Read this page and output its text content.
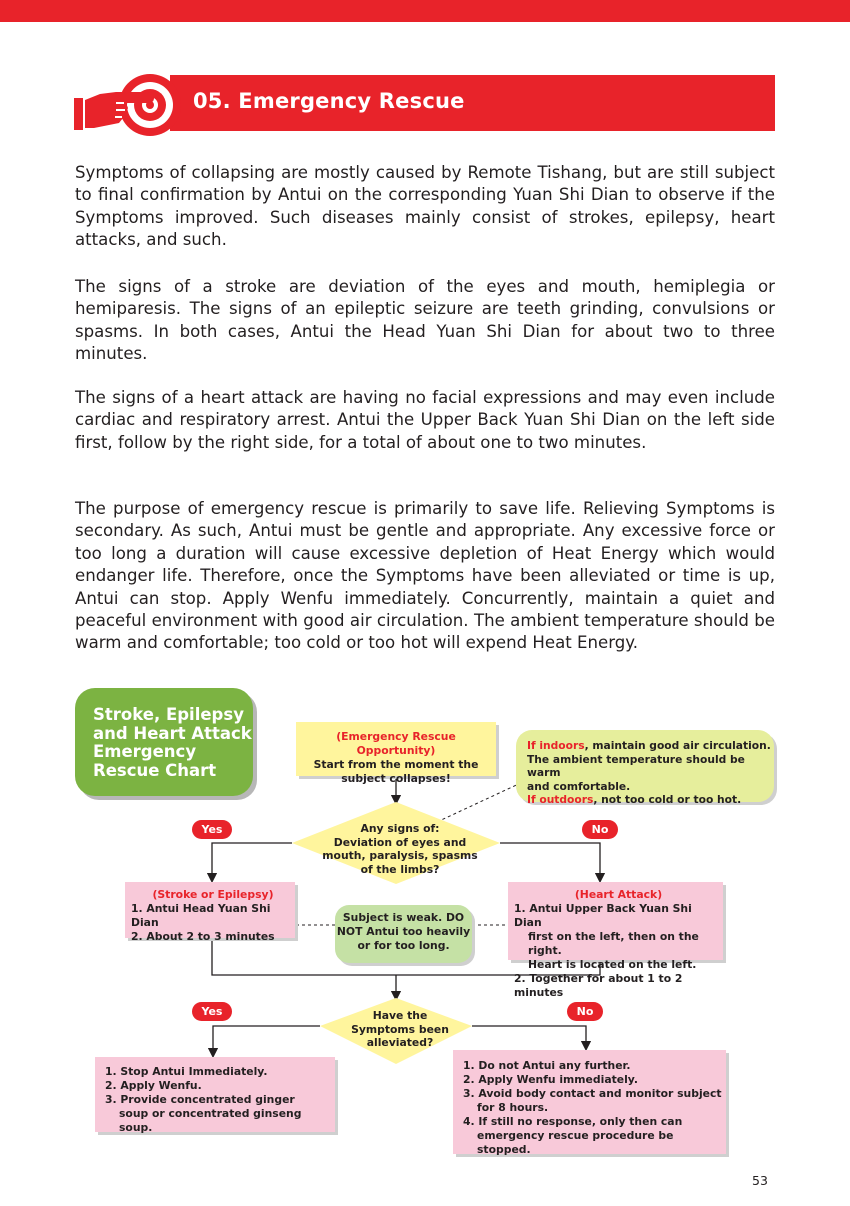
05. Emergency Rescue
Symptoms of collapsing are mostly caused by Remote Tishang, but are still subject to final confirmation by Antui on the corresponding Yuan Shi Dian to observe if the Symptoms improved. Such diseases mainly consist of strokes, epilepsy, heart attacks, and such.
The signs of a stroke are deviation of the eyes and mouth, hemiplegia or hemiparesis. The signs of an epileptic seizure are teeth grinding, convulsions or spasms. In both cases, Antui the Head Yuan Shi Dian for about two to three minutes.
The signs of a heart attack are having no facial expressions and may even include cardiac and respiratory arrest. Antui the Upper Back Yuan Shi Dian on the left side first, follow by the right side, for a total of about one to two minutes.
The purpose of emergency rescue is primarily to save life. Relieving Symptoms is secondary. As such, Antui must be gentle and appropriate. Any excessive force or too long a duration will cause excessive depletion of Heat Energy which would endanger life. Therefore, once the Symptoms have been alleviated or time is up, Antui can stop. Apply Wenfu immediately. Concurrently, maintain a quiet and peaceful environment with good air circulation. The ambient temperature should be warm and comfortable; too cold or too hot will expend Heat Energy.
Stroke, Epilepsy and Heart Attack Emergency Rescue Chart
(Emergency Rescue Opportunity)
Start from the moment the
subject collapses!
If indoors, maintain good air circulation.
The ambient temperature should be warm
and comfortable.
If outdoors, not too cold or too hot.
Yes	No
Yes	No
Any signs of:
Deviation of eyes and
mouth, paralysis, spasms
of the limbs?
(Stroke or Epilepsy)
1. Antui Head Yuan Shi Dian
2. About 2 to 3 minutes
(Heart Attack)
1. Antui Upper Back Yuan Shi Dian

first on the left, then on the right.
Heart is located on the left.
2. Together for about 1 to 2 minutes
Subject is weak. DO
NOT Antui too heavily
or for too long.
Have the
Symptoms been
alleviated?
1. Stop Antui Immediately.
2. Apply Wenfu.
3. Provide concentrated ginger
soup or concentrated ginseng soup.
1. Do not Antui any further.
2. Apply Wenfu immediately.
3. Avoid body contact and monitor subject
for 8 hours.
4. If still no response, only then can
emergency rescue procedure be stopped.
53
